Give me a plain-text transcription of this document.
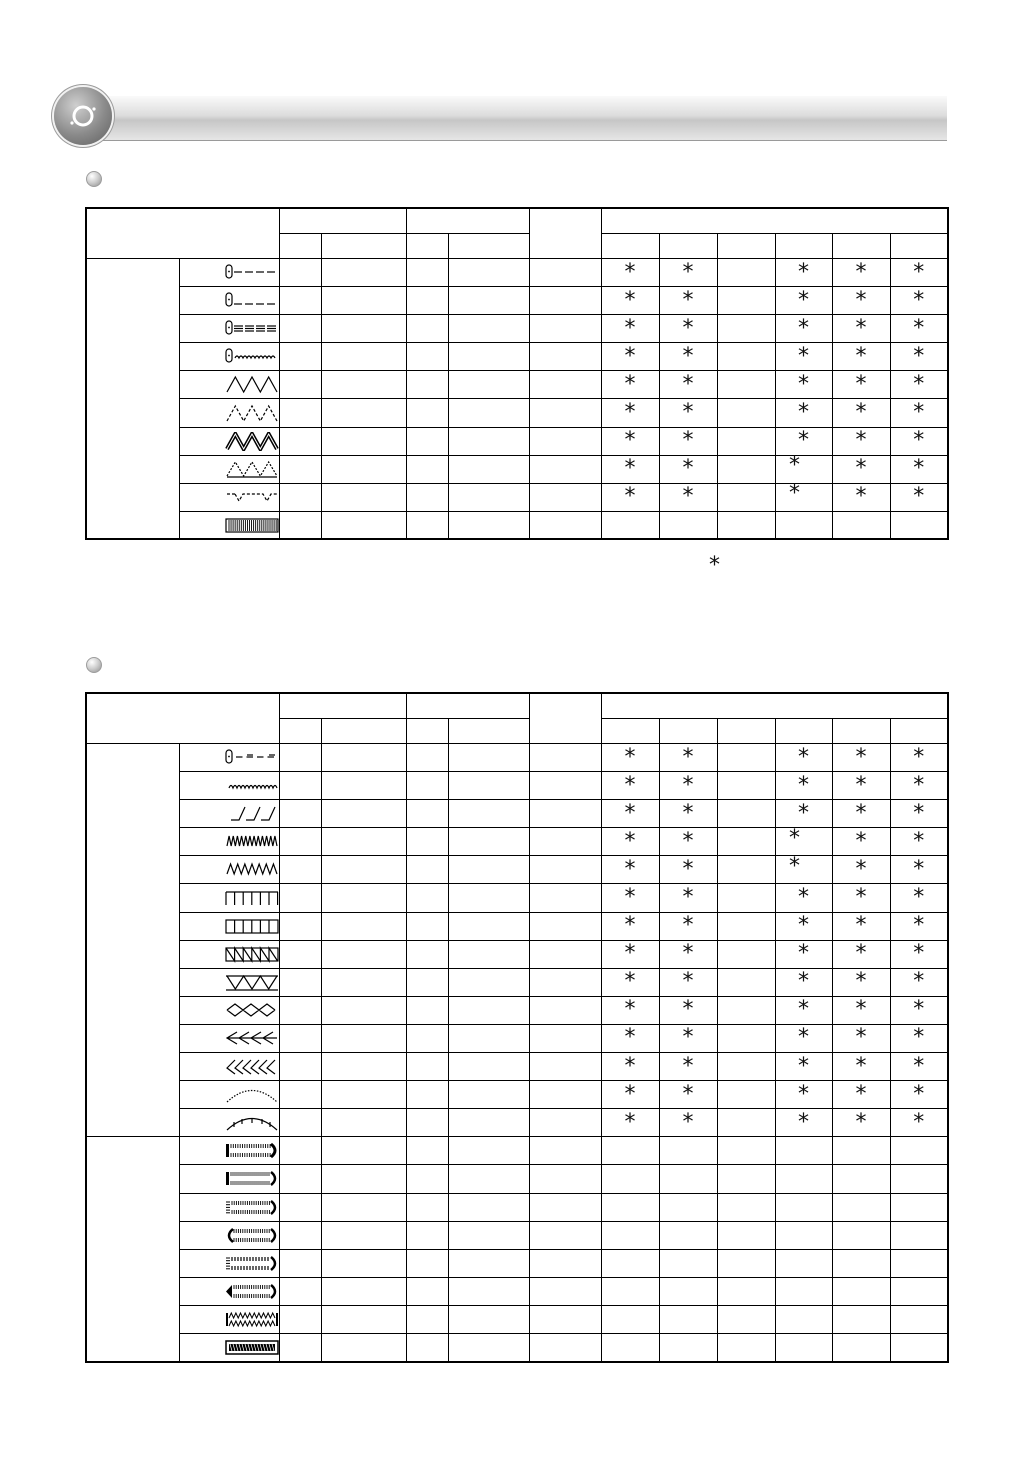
						*	*		*	*	*

						*	*		*	*	*

						*	*		*	*	*

						*	*		*	*	*

						*	*		*	*	*

						*	*		*	*	*

						*	*		*	*	*

						*	*		*	*	*

						*	*		*	*	*

*

						*	*		*	*	*

						*	*		*	*	*

						*	*		*	*	*

						*	*		*	*	*

						*	*		*	*	*

						*	*		*	*	*

						*	*		*	*	*

						*	*		*	*	*

						*	*		*	*	*

						*	*		*	*	*

						*	*		*	*	*

						*	*		*	*	*

						*	*		*	*	*

						*	*		*	*	*
